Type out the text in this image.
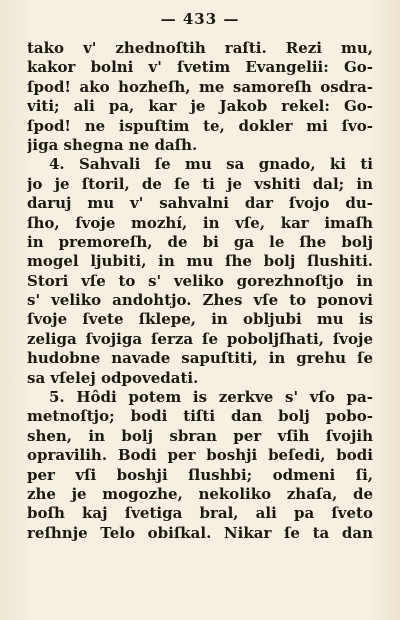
— 433 —
tako v' zhednoſtih raſti. Rezi mu,
kakor bolni v' ſvetim Evangelii: Go-
ſpod! ako hozheſh, me samoreſh osdra-
viti; ali pa, kar je Jakob rekel: Go-
ſpod! ne ispuſtim te, dokler mi ſvo-
jiga shegna ne daſh.
4. Sahvali ſe mu sa gnado, ki ti
jo je ſtoril, de ſe ti je vshiti dal; in
daruj mu v' sahvalni dar ſvojo du-
ſho, ſvoje mozhí, in vſe, kar imaſh
in premoreſh, de bi ga le ſhe bolj
mogel ljubiti, in mu ſhe bolj ſlushiti.
Stori vſe to s' veliko gorezhnoſtjo in
s' veliko andohtjo. Zhes vſe to ponovi
ſvoje ſvete ſklepe, in obljubi mu is
zeliga ſvojiga ſerza ſe poboljſhati, ſvoje
hudobne navade sapuſtiti, in grehu ſe
sa vſelej odpovedati.
5. Hôdi potem is zerkve s' vſo pa-
metnoſtjo; bodi tiſti dan bolj pobo-
shen, in bolj sbran per vſih ſvojih
opravilih. Bodi per boshji beſedi, bodi
per vſi boshji ſlushbi; odmeni ſi,
zhe je mogozhe, nekoliko zhaſa, de
boſh kaj ſvetiga bral, ali pa ſveto
reſhnje Telo obiſkal. Nikar ſe ta dan
